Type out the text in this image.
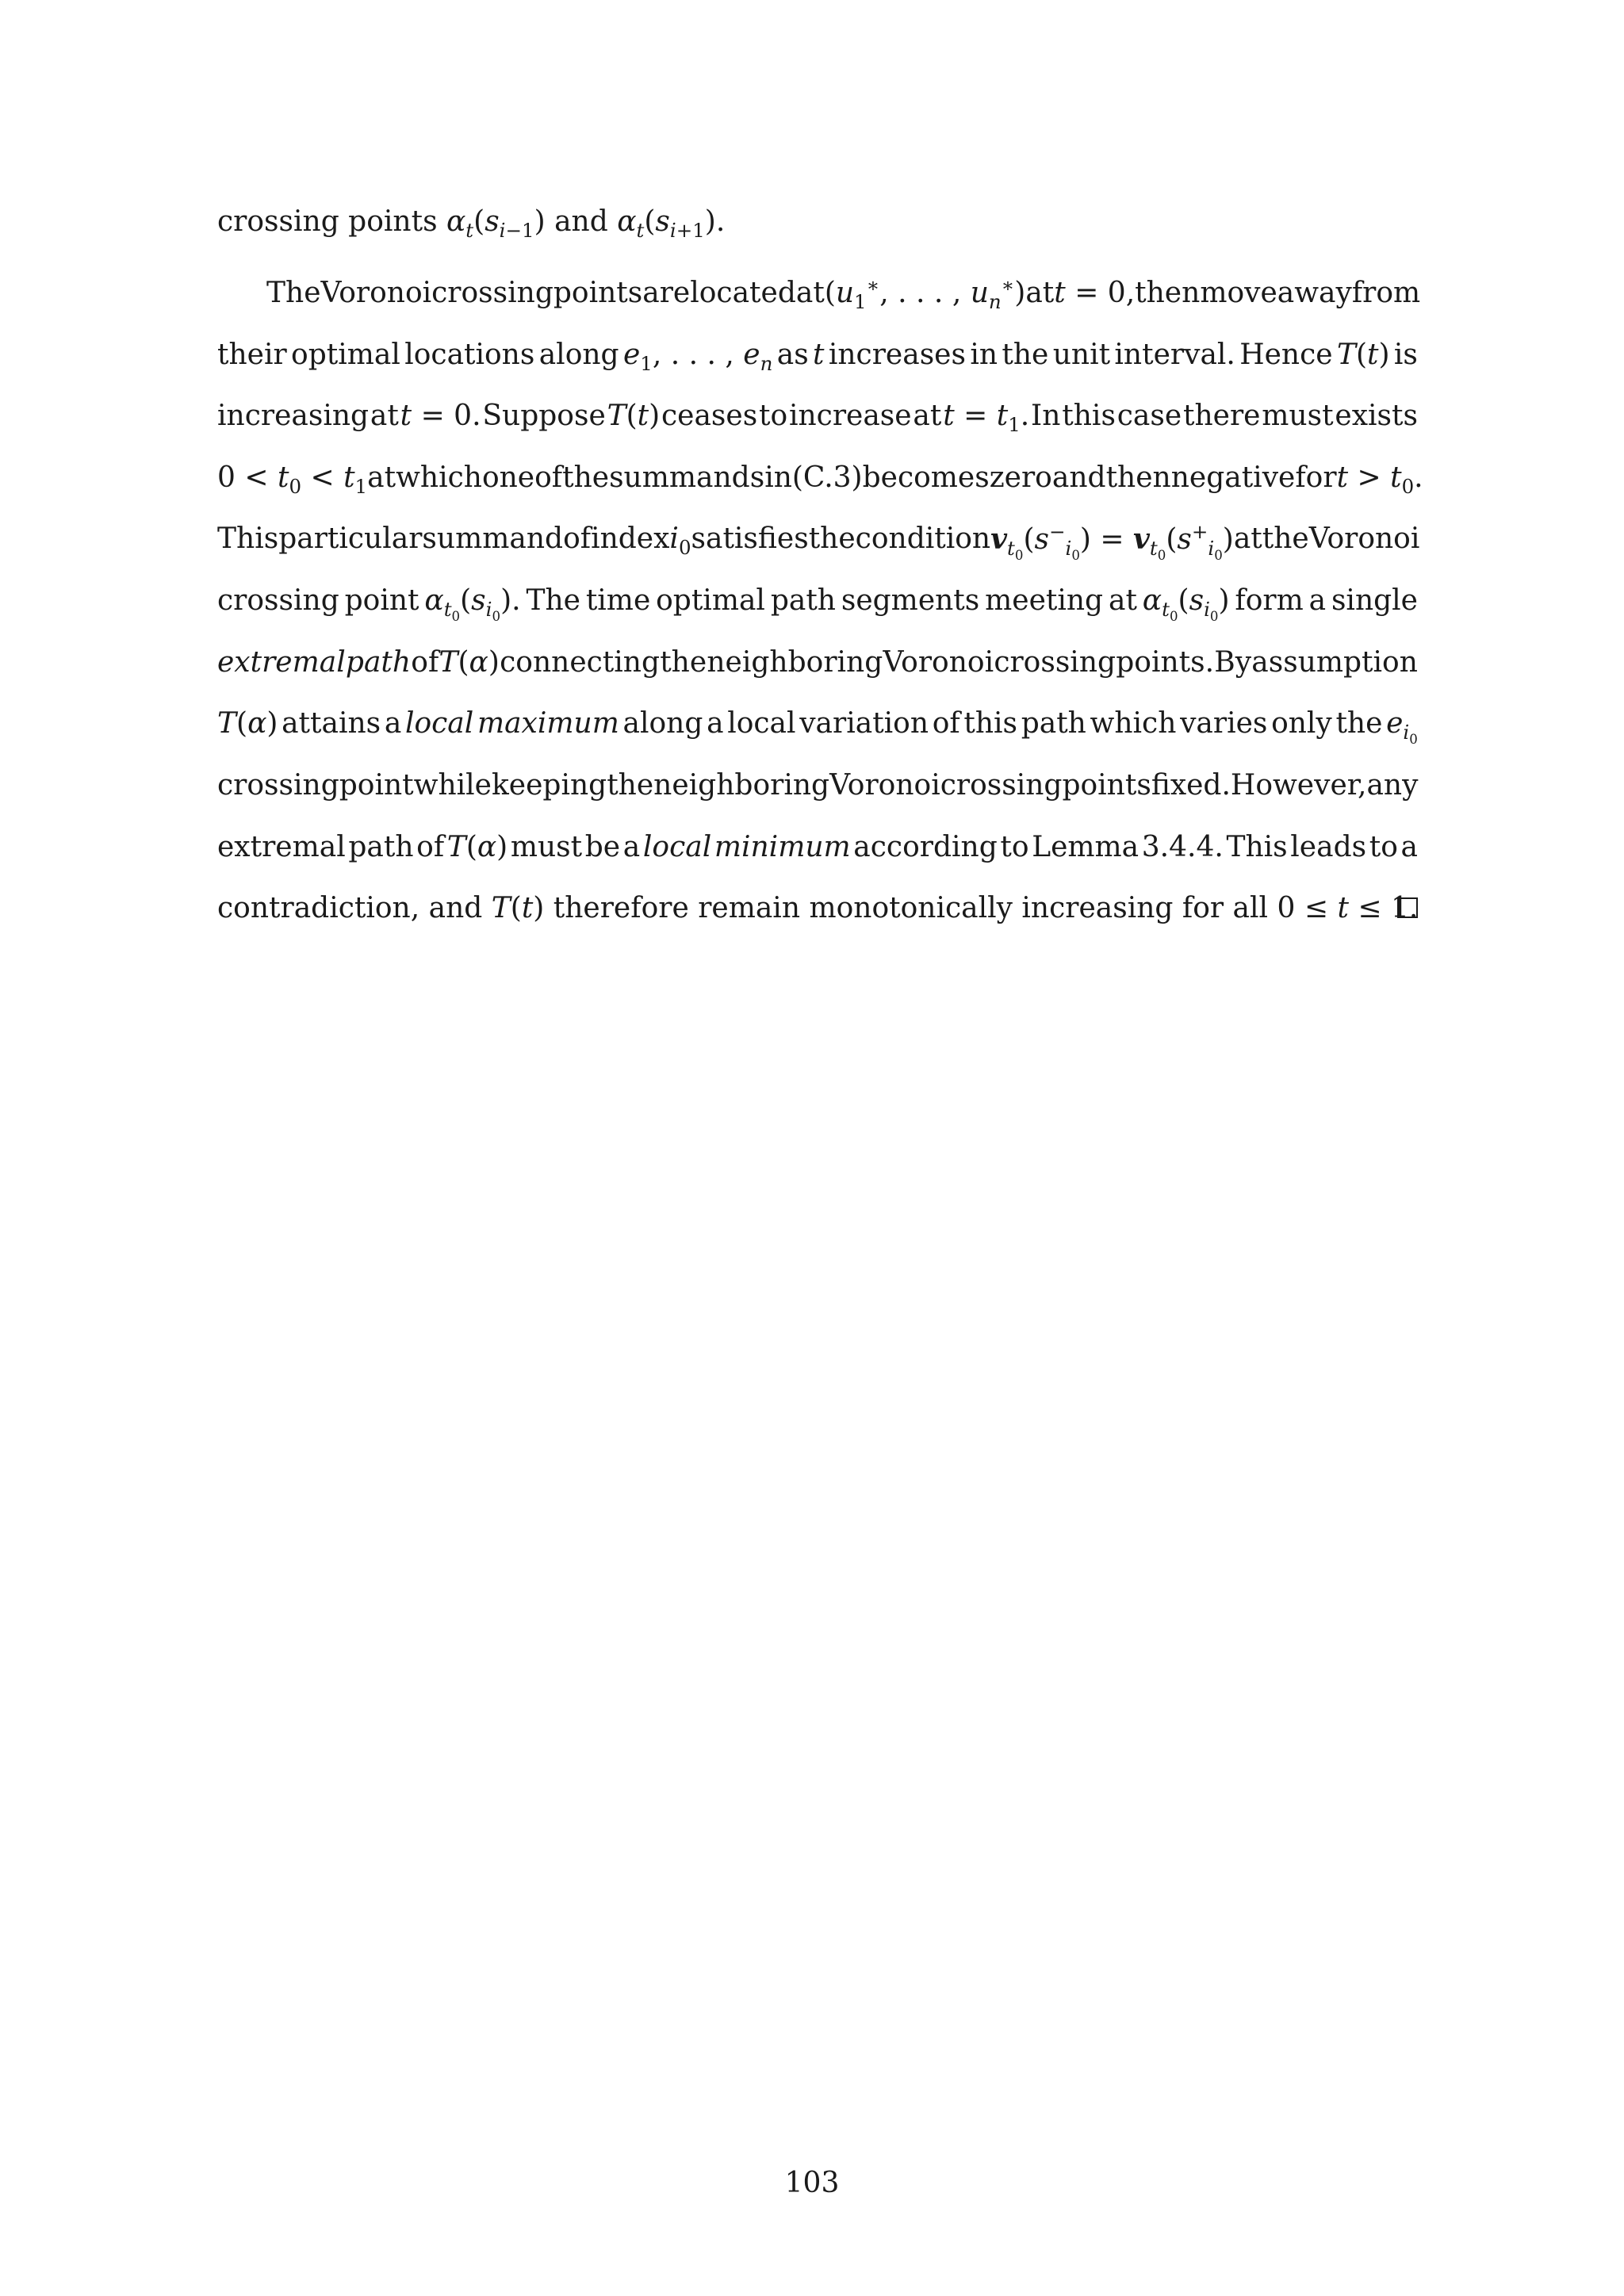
crossing points $\alpha_t(s_{i-1})$ and $\alpha_t(s_{i+1})$.
The Voronoi crossing points are located at ($u_1^∗$, . . . , $u_n^∗$) at t = 0, then move away from
their optimal locations along $e_1$, . . . , $e_n$ as t increases in the unit interval. Hence T(t) is
increasing at t = 0. Suppose T(t) ceases to increase at $t = t_1$. In this case there must exists
$0 < t_0 < t_1$ at which one of the summands in (C.3) becomes zero and then negative for $t > t_0$.
This particular summand of index $i_0$ satisfies the condition $v_{t_0}(s^-_{i_0}) = v_{t_0}(s^+_{i_0})$ at the Voronoi
crossing point $\alpha_{t_0}(s_{i_0})$. The time optimal path segments meeting at $\alpha_{t_0}(s_{i_0})$ form a single
extremal path of T(α) connecting the neighboring Voronoi crossing points. By assumption
T(α) attains a local maximum along a local variation of this path which varies only the $e_{i_0}$
crossing point while keeping the neighboring Voronoi crossing points fixed. However, any
extremal path of T(α) must be a local minimum according to Lemma 3.4.4. This leads to a
contradiction, and T(t) therefore remain monotonically increasing for all 0 ≤ t ≤ 1.
103
